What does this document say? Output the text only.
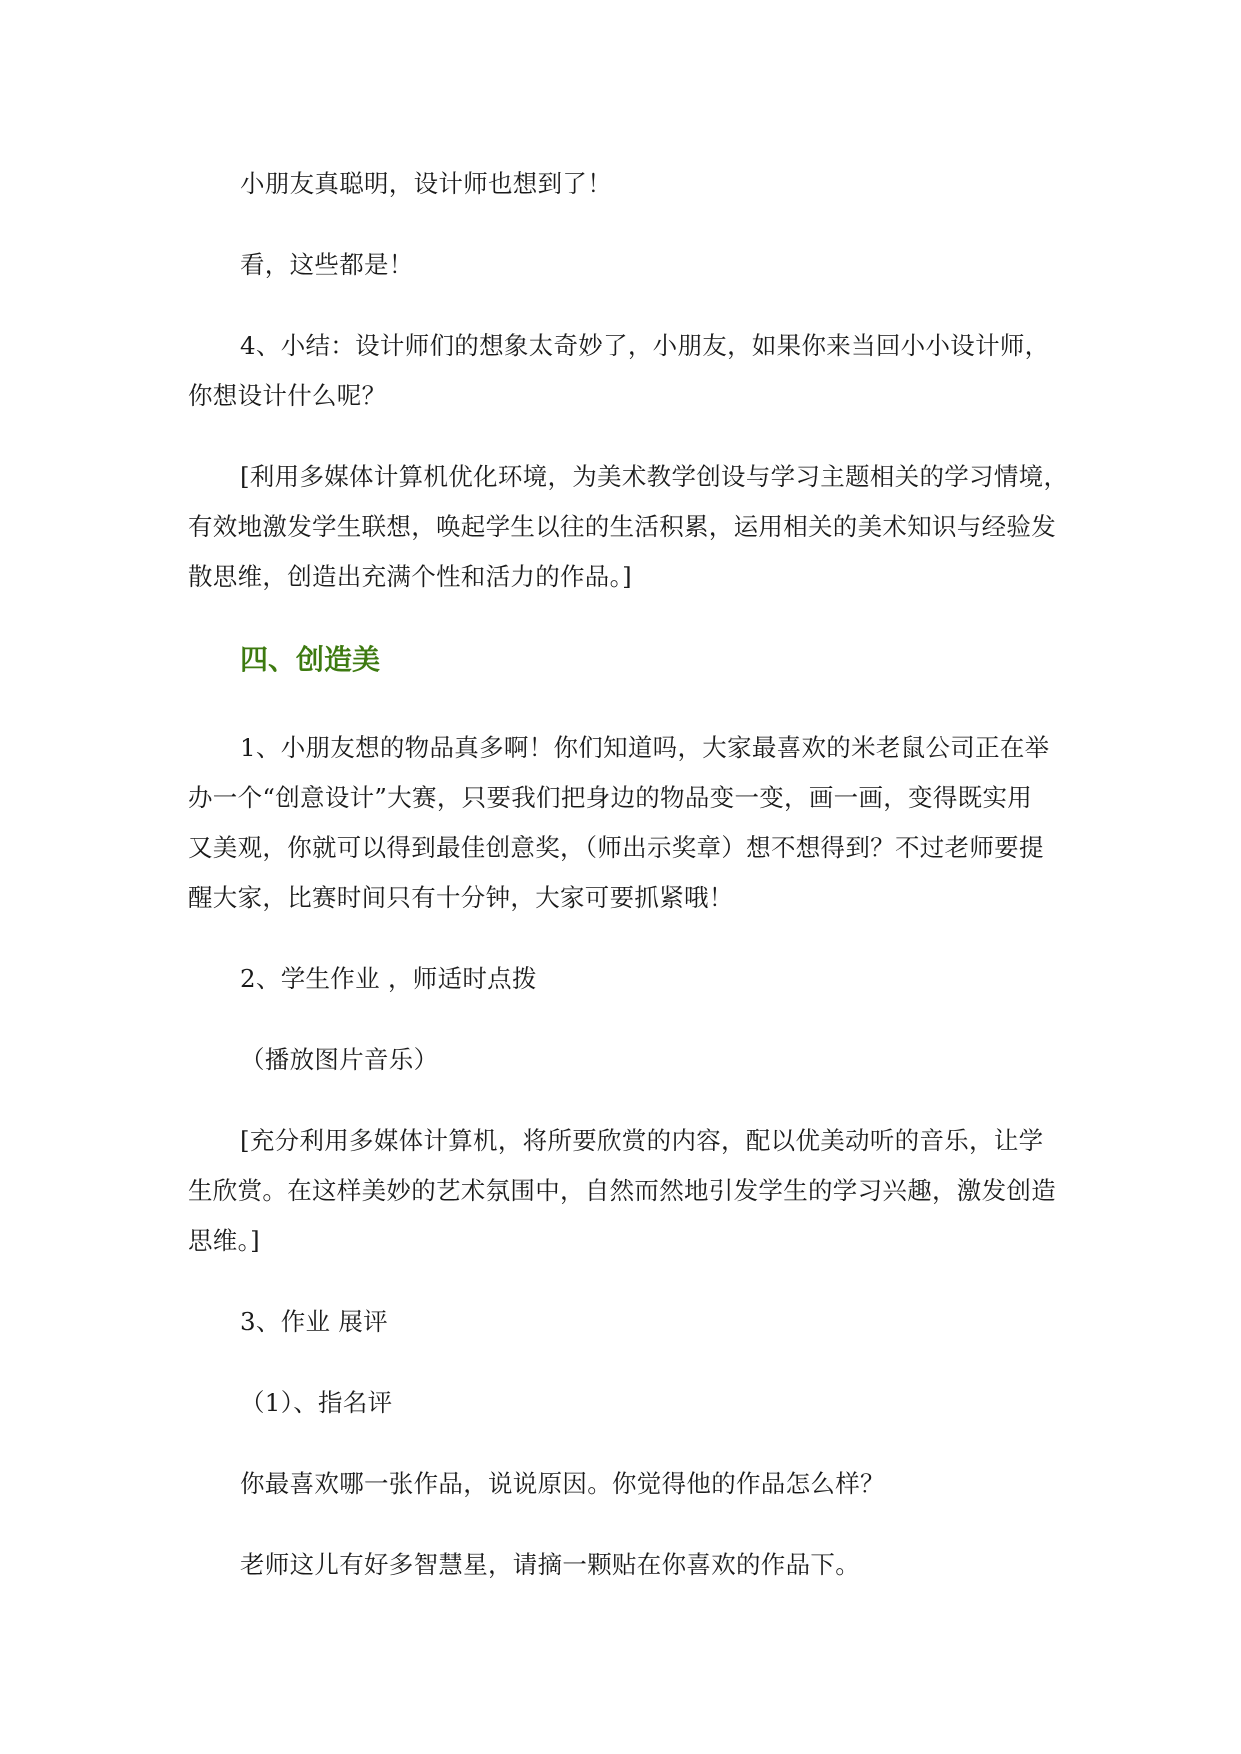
小朋友真聪明，设计师也想到了！

看，这些都是！

4、小结：设计师们的想象太奇妙了，小朋友，如果你来当回小小设计师，

你想设计什么呢？

[利用多媒体计算机优化环境，为美术教学创设与学习主题相关的学习情境，

有效地激发学生联想，唤起学生以往的生活积累，运用相关的美术知识与经验发

散思维，创造出充满个性和活力的作品。]

四、创造美

1、小朋友想的物品真多啊！你们知道吗，大家最喜欢的米老鼠公司正在举

办一个“创意设计”大赛，只要我们把身边的物品变一变，画一画，变得既实用

又美观，你就可以得到最佳创意奖，（师出示奖章）想不想得到？不过老师要提

醒大家，比赛时间只有十分钟，大家可要抓紧哦！

2、学生作业 ，师适时点拨

（播放图片音乐）

[充分利用多媒体计算机，将所要欣赏的内容，配以优美动听的音乐，让学

生欣赏。在这样美妙的艺术氛围中，自然而然地引发学生的学习兴趣，激发创造

思维。]

3、作业 展评

（1）、指名评

你最喜欢哪一张作品，说说原因。你觉得他的作品怎么样？

老师这儿有好多智慧星，请摘一颗贴在你喜欢的作品下。
